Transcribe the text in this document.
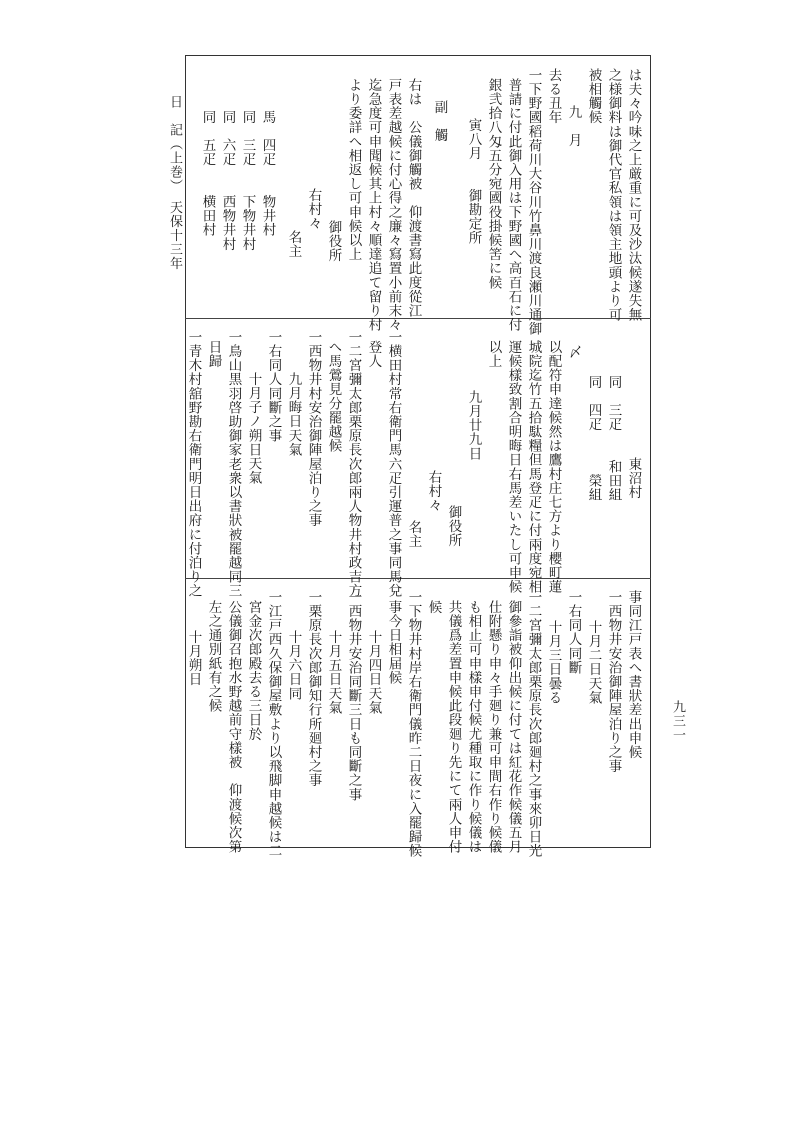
日　記（上巻）　天保十三年
九三一
は夫々吟味之上厳重に可及沙汰候遂失無
之様御料は御代官私領は領主地頭より可
被相觸候
九　月
去る丑年
一下野國稻荷川大谷川竹鼻川渡良瀬川通御
普請に付此御入用は下野國へ高百石に付
銀弐拾八匁五分宛國役掛候筈に候
寅八月　　御勘定所
副　觸
右は　公儀御觸被　仰渡書寫此度從江
戸表差越候に付心得之廉々寫置小前末々
迄急度可申聞候其上村々順達追て留り村
より委詳へ相返し可申候以上
御役所
右村々
名主
馬　四疋　　物井村
同　三疋　　下物井村
同　六疋　　西物井村
同　五疋　　横田村
　　　　　　　　　東沼村
同　三疋　　和田組
同　四疋　　　榮組
〆
以配符申達候然は鷹村庄七方より櫻町蓮
城院迄竹五拾駄糧但馬登疋に付兩度宛相
運候樣致割合明晦日右馬差いたし可申候
以上
九月廿九日
御役所
右村々
名主
一横田村常右衛門馬六疋引運普之事同馬兌
登人
一二宮彌太郎栗原長次郎兩人物井村政吉方
へ馬鶯見分罷越候
一西物井村安治御陣屋泊り之事
九月晦日天氣
一右同人同斷之事
十月子ノ朔日天氣
一鳥山黒羽啓助御家老衆以書狀被罷越同三
日歸
一青木村舘野勘右衛門明日出府に付泊り之
事同江戸表へ書狀差出申候
一西物井安治御陣屋泊り之事
十月二日天氣
一右同人同斷
十月三日曇る
一二宮彌太郎栗原長次郎廻村之事來卯日光
御參詣被仰出候に付ては紅花作候儀五月
仕附懸り申々手廻り兼可申間右作り候儀
も相止可申樣申付候尤種取に作り候儀は
共儀爲差置申候此段廻り先にて兩人申付
候
一下物井村岸右衛門儀昨二日夜に入罷歸候
事今日相届候
十月四日天氣
一西物井安治同斷三日も同斷之事
十月五日天氣
一栗原長次郎御知行所廻村之事
十月六日同
一江戸西久保御屋敷より以飛脚申越候は二
宮金次郎殿去る三日於
公儀御召抱水野越前守樣被　仰渡候次第
左之通別紙有之候
十月朔日
